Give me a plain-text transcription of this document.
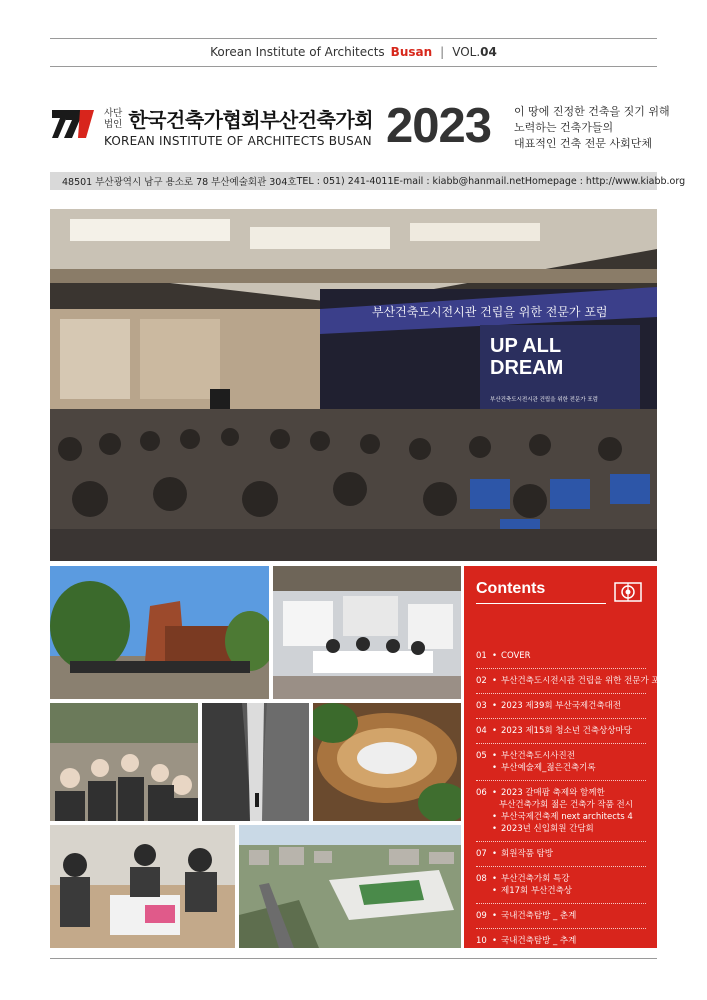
Korean Institute of Architects Busan | VOL.04
사단
법인 한국건축가협회부산건축가회
KOREAN INSTITUTE OF ARCHITECTS BUSAN 2023 이 땅에 진정한 건축을 짓기 위해
노력하는 건축가들의
대표적인 건축 전문 사회단체
48501 부산광역시 남구 용소로 78 부산예술회관 304호 TEL : 051) 241-4011 E-mail : kiabb@hanmail.net Homepage : http://www.kiabb.org
부산건축도시전시관 건립을 위한 전문가 포럼
UP ALL
DREAM
부산건축도시전시관 건립을 위한 전문가 포럼
Contents
01	• COVER
02	• 부산건축도시전시관 건립을 위한 전문가 포럼
03	• 2023 제39회 부산국제건축대전
04	• 2023 제15회 청소년 건축상상마당
05	• 부산건축도시사진전
• 부산예술제_젊은건축기록
06	• 2023 갈매팜 축제와 함께한
부산건축가회 젊은 건축가 작품 전시
• 부산국제건축제 next architects 4
• 2023년 신입회원 간담회
07	• 회원작품 탐방
08	• 부산건축가회 특강
• 제17회 부산건축상
09	• 국내건축탐방 _ 춘계
10	• 국내건축탐방 _ 추계
11	• 해외건축탐방 _ 스페인
12	• 인사말 / 총회 알림 / 협회 소개
